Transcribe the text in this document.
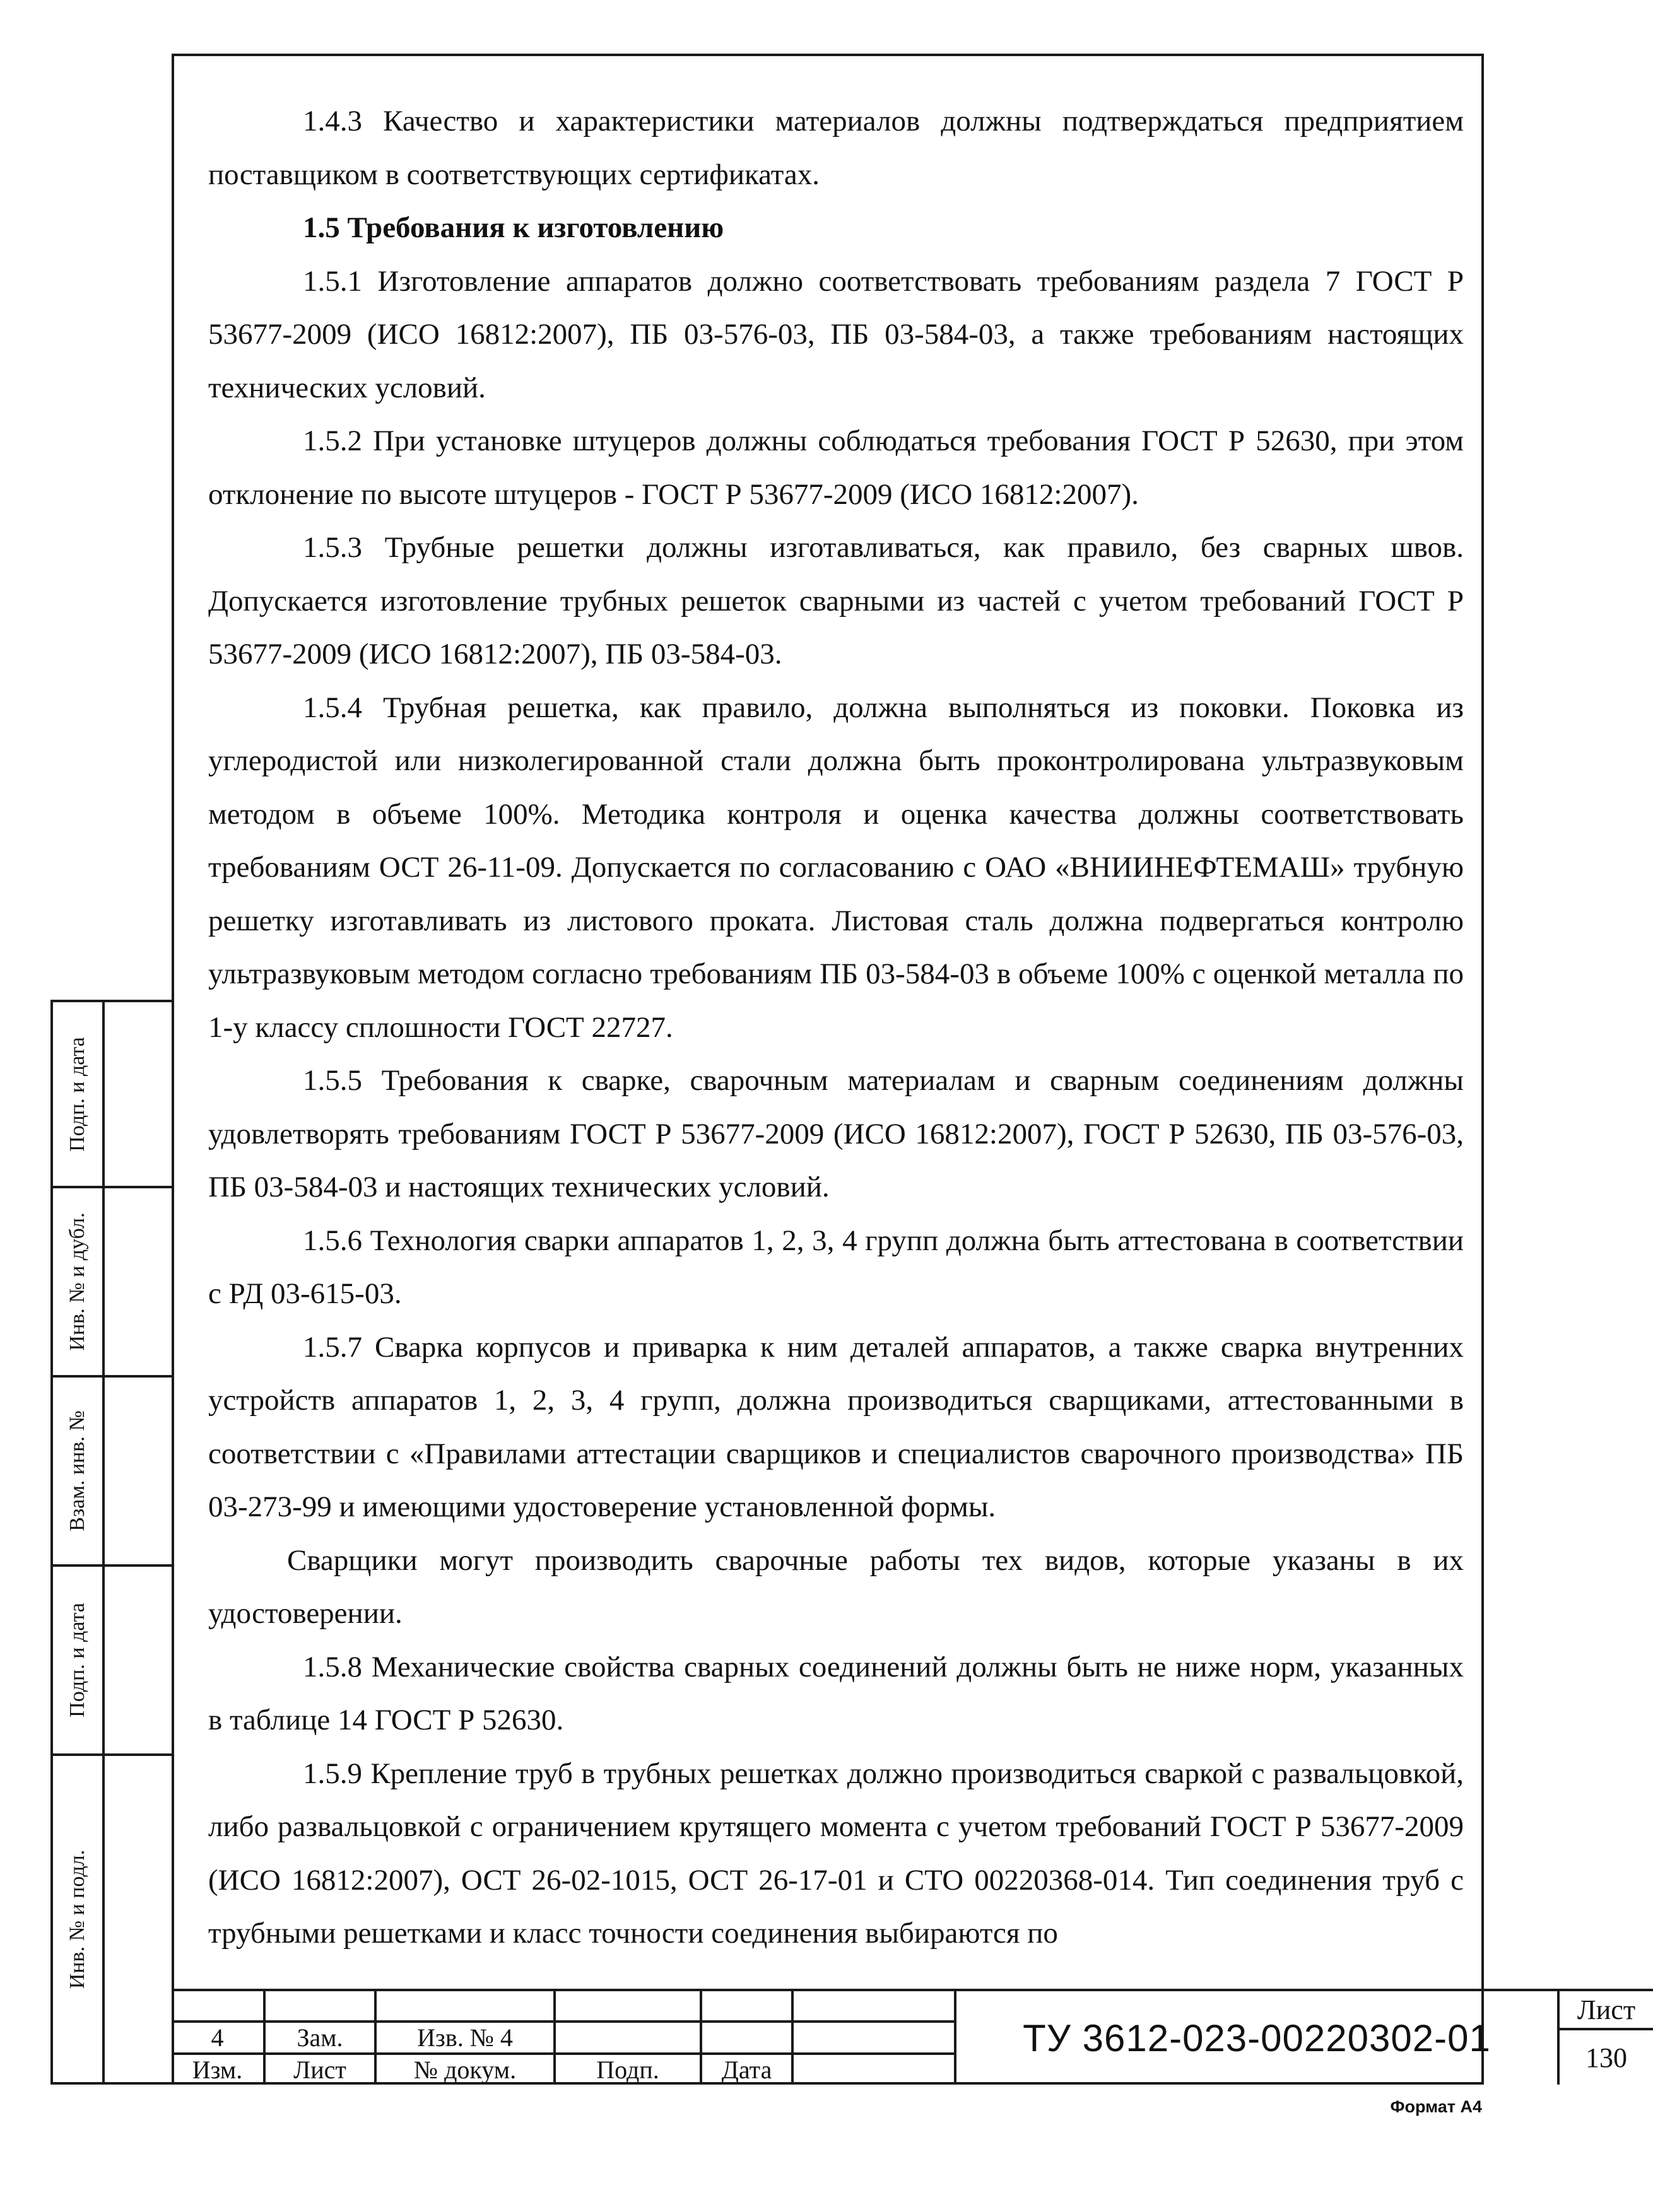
1.4.3 Качество и характеристики материалов должны подтверждаться предприятием поставщиком в соответствующих сертификатах.

1.5 Требования к изготовлению

1.5.1 Изготовление аппаратов должно соответствовать требованиям раздела 7 ГОСТ Р 53677-2009 (ИСО 16812:2007), ПБ 03-576-03, ПБ 03-584-03, а также требованиям настоящих технических условий.

1.5.2 При установке штуцеров должны соблюдаться требования ГОСТ Р 52630, при этом отклонение по высоте штуцеров - ГОСТ Р 53677-2009 (ИСО 16812:2007).

1.5.3 Трубные решетки должны изготавливаться, как правило, без сварных швов. Допускается изготовление трубных решеток сварными из частей с учетом требований ГОСТ Р 53677-2009 (ИСО 16812:2007), ПБ 03-584-03.

1.5.4 Трубная решетка, как правило, должна выполняться из поковки. Поковка из углеродистой или низколегированной стали должна быть проконтролирована ультразвуковым методом в объеме 100%. Методика контроля и оценка качества должны соответствовать требованиям ОСТ 26-11-09. Допускается по согласованию с ОАО «ВНИИНЕФТЕМАШ» трубную решетку изготавливать из листового проката. Листовая сталь должна подвергаться контролю ультразвуковым методом согласно требованиям ПБ 03-584-03 в объеме 100% с оценкой металла по 1-у классу сплошности ГОСТ 22727.

1.5.5 Требования к сварке, сварочным материалам и сварным соединениям должны удовлетворять требованиям ГОСТ Р 53677-2009 (ИСО 16812:2007), ГОСТ Р 52630, ПБ 03-576-03, ПБ 03-584-03 и настоящих технических условий.

1.5.6 Технология сварки аппаратов 1, 2, 3, 4 групп должна быть аттестована в соответствии с РД 03-615-03.

1.5.7 Сварка корпусов и приварка к ним деталей аппаратов, а также сварка внутренних устройств аппаратов 1, 2, 3, 4 групп, должна производиться сварщиками, аттестованными в соответствии с «Правилами аттестации сварщиков и специалистов сварочного производства» ПБ 03-273-99 и имеющими удостоверение установленной формы.

Сварщики могут производить сварочные работы тех видов, которые указаны в их удостоверении.

1.5.8 Механические свойства сварных соединений должны быть не ниже норм, указанных в таблице 14 ГОСТ Р 52630.

1.5.9 Крепление труб в трубных решетках должно производиться сваркой с развальцовкой, либо развальцовкой с ограничением крутящего момента с учетом требований ГОСТ Р 53677-2009 (ИСО 16812:2007), ОСТ 26-02-1015, ОСТ 26-17-01 и СТО 00220368-014. Тип соединения труб с трубными решетками и класс точности соединения выбираются по

Подп. и дата
Инв. № и дубл.
Взам. инв. №
Подп. и дата
Инв. № и подл.
4	Зам.	Изв. № 4
Изм.	Лист	№ докум.	Подп.	Дата
ТУ 3612-023-00220302-01
Лист
130
Формат А4
